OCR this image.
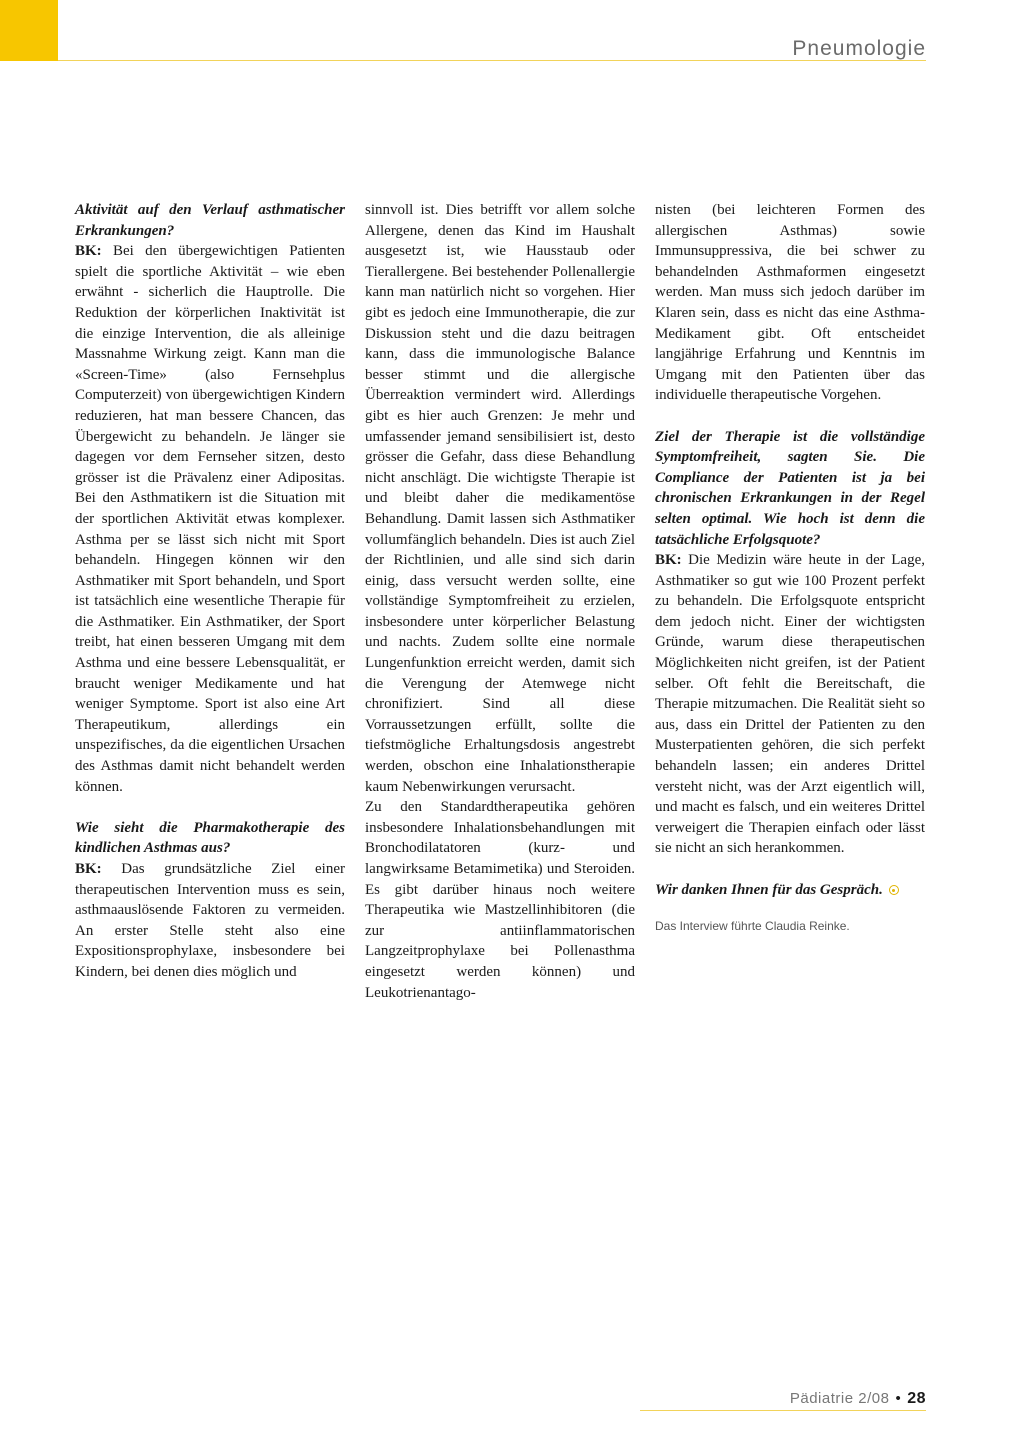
Pneumologie

Aktivität auf den Verlauf asthmatischer Erkrankungen?

BK: Bei den übergewichtigen Patienten spielt die sportliche Aktivität – wie eben erwähnt - sicherlich die Hauptrolle. Die Reduktion der körperlichen Inaktivität ist die einzige Intervention, die als alleinige Massnahme Wirkung zeigt. Kann man die «Screen-Time» (also Fernsehplus Computerzeit) von übergewichtigen Kindern reduzieren, hat man bessere Chancen, das Übergewicht zu behandeln. Je länger sie dagegen vor dem Fernseher sitzen, desto grösser ist die Prävalenz einer Adipositas. Bei den Asthmatikern ist die Situation mit der sportlichen Aktivität etwas komplexer. Asthma per se lässt sich nicht mit Sport behandeln. Hingegen können wir den Asthmatiker mit Sport behandeln, und Sport ist tatsächlich eine wesentliche Therapie für die Asthmatiker. Ein Asthmatiker, der Sport treibt, hat einen besseren Umgang mit dem Asthma und eine bessere Lebensqualität, er braucht weniger Medikamente und hat weniger Symptome. Sport ist also eine Art Therapeutikum, allerdings ein unspezifisches, da die eigentlichen Ursachen des Asthmas damit nicht behandelt werden können.

Wie sieht die Pharmakotherapie des kindlichen Asthmas aus?

BK: Das grundsätzliche Ziel einer therapeutischen Intervention muss es sein, asthmaauslösende Faktoren zu vermeiden. An erster Stelle steht also eine Expositionsprophylaxe, insbesondere bei Kindern, bei denen dies möglich und

sinnvoll ist. Dies betrifft vor allem solche Allergene, denen das Kind im Haushalt ausgesetzt ist, wie Hausstaub oder Tierallergene. Bei bestehender Pollenallergie kann man natürlich nicht so vorgehen. Hier gibt es jedoch eine Immunotherapie, die zur Diskussion steht und die dazu beitragen kann, dass die immunologische Balance besser stimmt und die allergische Überreaktion vermindert wird. Allerdings gibt es hier auch Grenzen: Je mehr und umfassender jemand sensibilisiert ist, desto grösser die Gefahr, dass diese Behandlung nicht anschlägt. Die wichtigste Therapie ist und bleibt daher die medikamentöse Behandlung. Damit lassen sich Asthmatiker vollumfänglich behandeln. Dies ist auch Ziel der Richtlinien, und alle sind sich darin einig, dass versucht werden sollte, eine vollständige Symptomfreiheit zu erzielen, insbesondere unter körperlicher Belastung und nachts. Zudem sollte eine normale Lungenfunktion erreicht werden, damit sich die Verengung der Atemwege nicht chronifiziert. Sind all diese Vorraussetzungen erfüllt, sollte die tiefstmögliche Erhaltungsdosis angestrebt werden, obschon eine Inhalationstherapie kaum Nebenwirkungen verursacht.

Zu den Standardtherapeutika gehören insbesondere Inhalationsbehandlungen mit Bronchodilatatoren (kurz- und langwirksame Betamimetika) und Steroiden. Es gibt darüber hinaus noch weitere Therapeutika wie Mastzellinhibitoren (die zur antiinflammatorischen Langzeitprophylaxe bei Pollenasthma eingesetzt werden können) und Leukotrienantago-

nisten (bei leichteren Formen des allergischen Asthmas) sowie Immunsuppressiva, die bei schwer zu behandelnden Asthmaformen eingesetzt werden. Man muss sich jedoch darüber im Klaren sein, dass es nicht das eine Asthma-Medikament gibt. Oft entscheidet langjährige Erfahrung und Kenntnis im Umgang mit den Patienten über das individuelle therapeutische Vorgehen.

Ziel der Therapie ist die vollständige Symptomfreiheit, sagten Sie. Die Compliance der Patienten ist ja bei chronischen Erkrankungen in der Regel selten optimal. Wie hoch ist denn die tatsächliche Erfolgsquote?

BK: Die Medizin wäre heute in der Lage, Asthmatiker so gut wie 100 Prozent perfekt zu behandeln. Die Erfolgsquote entspricht dem jedoch nicht. Einer der wichtigsten Gründe, warum diese therapeutischen Möglichkeiten nicht greifen, ist der Patient selber. Oft fehlt die Bereitschaft, die Therapie mitzumachen. Die Realität sieht so aus, dass ein Drittel der Patienten zu den Musterpatienten gehören, die sich perfekt behandeln lassen; ein anderes Drittel versteht nicht, was der Arzt eigentlich will, und macht es falsch, und ein weiteres Drittel verweigert die Therapien einfach oder lässt sie nicht an sich herankommen.

Wir danken Ihnen für das Gespräch.

Das Interview führte Claudia Reinke.

Pädiatrie 2/08 • 28
